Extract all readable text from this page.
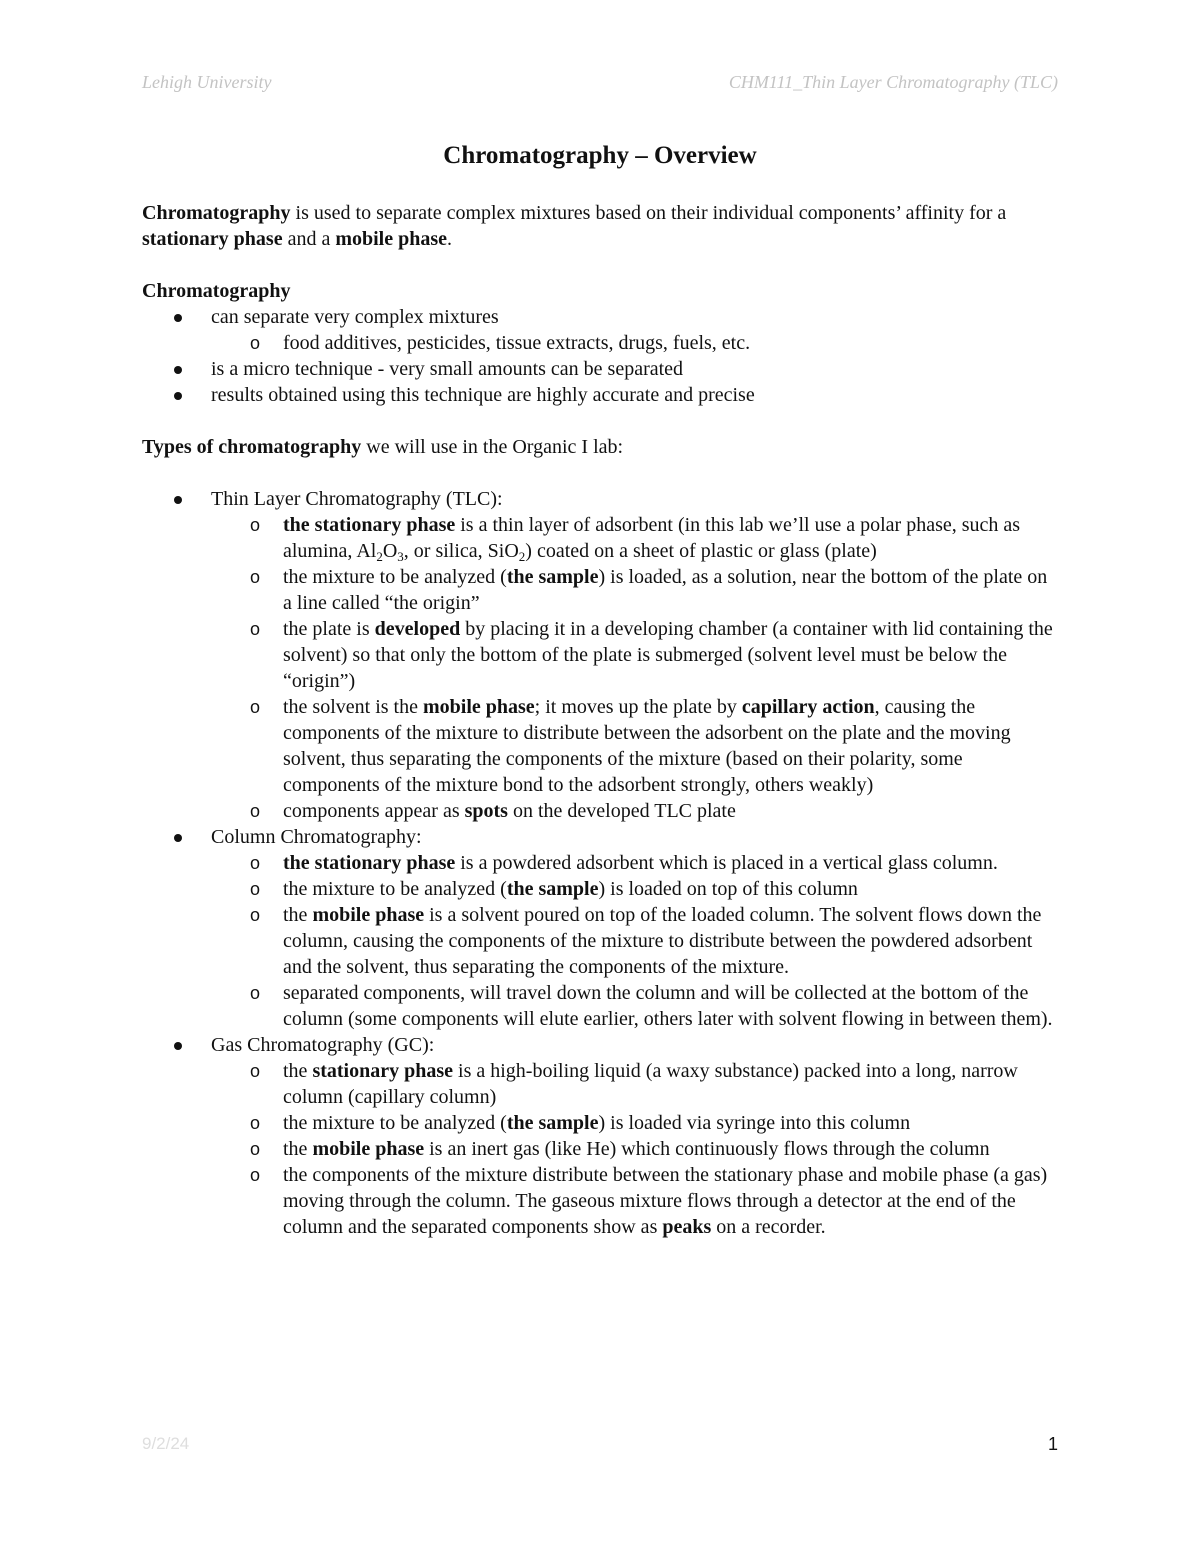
Lehigh University	CHM111_Thin Layer Chromatography (TLC)
Chromatography – Overview

Chromatography is used to separate complex mixtures based on their individual components’ affinity for a stationary phase and a mobile phase.

Chromatography

can separate very complex mixtures
o food additives, pesticides, tissue extracts, drugs, fuels, etc.
is a micro technique - very small amounts can be separated
results obtained using this technique are highly accurate and precise

Types of chromatography we will use in the Organic I lab:

Thin Layer Chromatography (TLC):
o the stationary phase is a thin layer of adsorbent (in this lab we’ll use a polar phase, such as alumina, $Al_2O_3$, or silica, SiO$_2$) coated on a sheet of plastic or glass (plate)
o the mixture to be analyzed (the sample) is loaded, as a solution, near the bottom of the plate on a line called “the origin”
o the plate is developed by placing it in a developing chamber (a container with lid containing the solvent) so that only the bottom of the plate is submerged (solvent level must be below the “origin”)
o the solvent is the mobile phase; it moves up the plate by capillary action, causing the components of the mixture to distribute between the adsorbent on the plate and the moving solvent, thus separating the components of the mixture (based on their polarity, some components of the mixture bond to the adsorbent strongly, others weakly)
o components appear as spots on the developed TLC plate
Column Chromatography:
o the stationary phase is a powdered adsorbent which is placed in a vertical glass column.
o the mixture to be analyzed (the sample) is loaded on top of this column
o the mobile phase is a solvent poured on top of the loaded column. The solvent flows down the column, causing the components of the mixture to distribute between the powdered adsorbent and the solvent, thus separating the components of the mixture.
o separated components, will travel down the column and will be collected at the bottom of the column (some components will elute earlier, others later with solvent flowing in between them).
Gas Chromatography (GC):
o the stationary phase is a high-boiling liquid (a waxy substance) packed into a long, narrow column (capillary column)
o the mixture to be analyzed (the sample) is loaded via syringe into this column
o the mobile phase is an inert gas (like He) which continuously flows through the column
o the components of the mixture distribute between the stationary phase and mobile phase (a gas) moving through the column. The gaseous mixture flows through a detector at the end of the column and the separated components show as peaks on a recorder.
9/2/24	1
